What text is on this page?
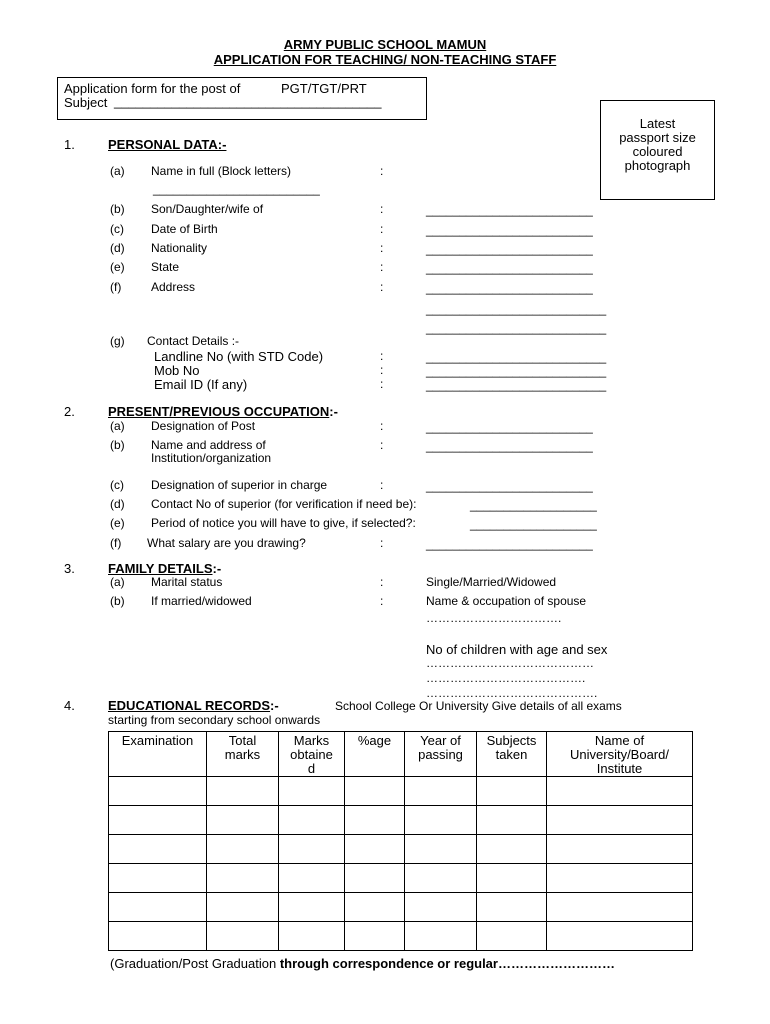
ARMY PUBLIC SCHOOL MAMUN
APPLICATION FOR TEACHING/ NON-TEACHING STAFF
Application form for the post of	PGT/TGT/PRT
Subject _____________________________________
Latest
passport size
coloured
photograph
1.	PERSONAL DATA:-
(a) Name in full (Block letters)	:
_________________________
(b) Son/Daughter/wife of	:	_________________________
(c) Date of Birth	:	_________________________
(d) Nationality	:	_________________________
(e) State	:	_________________________
(f) Address	:	_________________________
___________________________
___________________________
(g) Contact Details :-
Landline No (with STD Code)	:	___________________________
Mob No	:	___________________________
Email ID (If any)	:	___________________________
2.	PRESENT/PREVIOUS OCCUPATION:-
(a) Designation of Post	:	_________________________
(b) Name and address of
Institution/organization
:	_________________________
(c) Designation of superior in charge	:	_________________________
(d) Contact No of superior (for verification if need be):	___________________
(e) Period of notice you will have to give, if selected?:	___________________
(f) What salary are you drawing?	:	_________________________
3.	FAMILY DETAILS:-
(a) Marital status	:	Single/Married/Widowed
(b) If married/widowed	:	Name & occupation of spouse
…………………………….
No of children with age and sex
……………………………………
………………………………….
…………………………………….
4.	EDUCATIONAL RECORDS:-	School College Or University Give details of all exams
starting from secondary school onwards
Examination	Total marks	Marks obtaine d	%age	Year of passing	Subjects taken	Name of University/Board/ Institute

(Graduation/Post Graduation through correspondence or regular………………………
